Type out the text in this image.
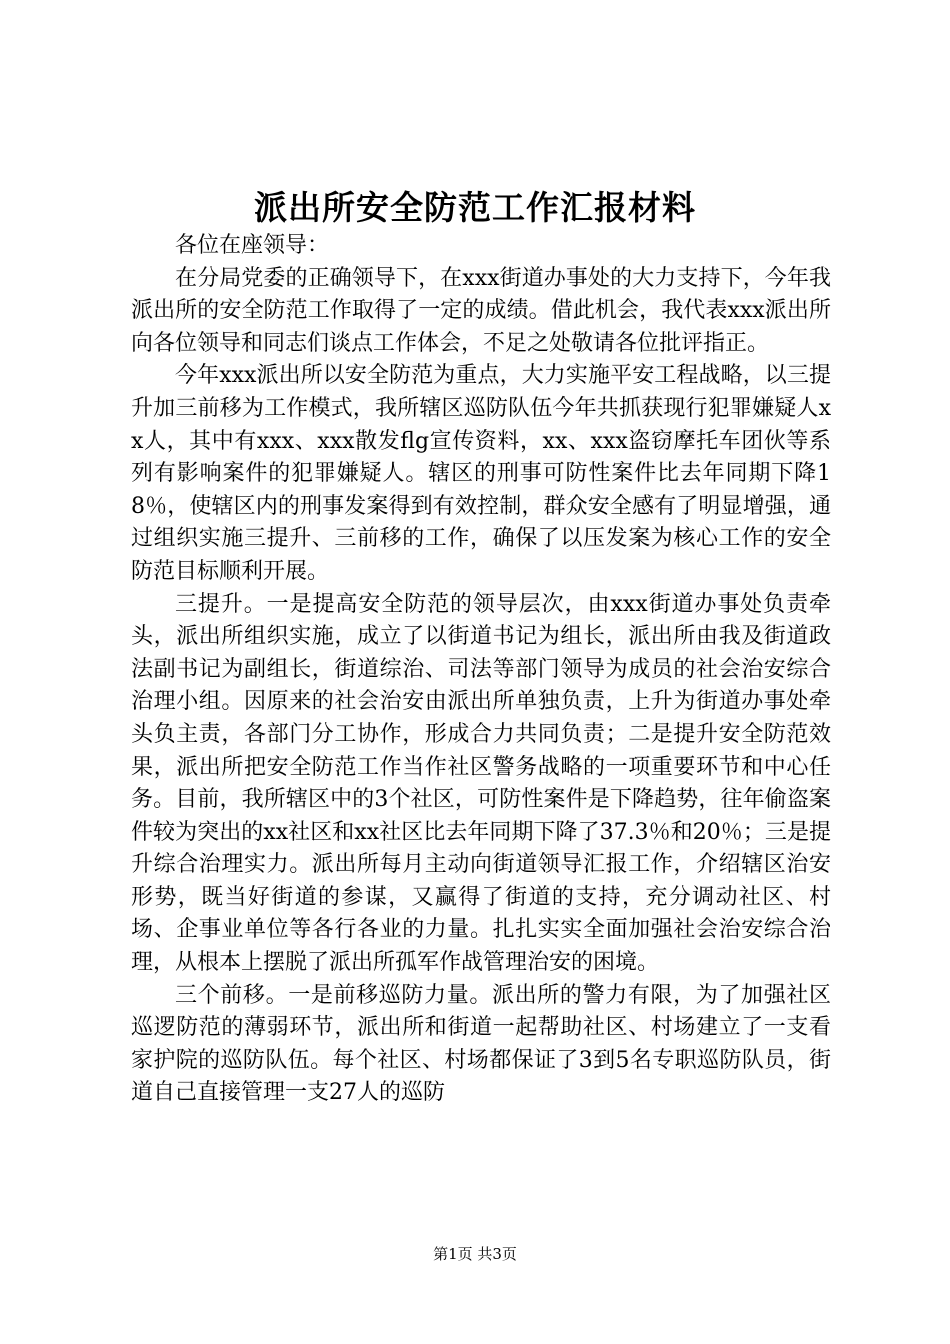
派出所安全防范工作汇报材料

各位在座领导：

在分局党委的正确领导下，在xxx街道办事处的大力支持下，今年我派出所的安全防范工作取得了一定的成绩。借此机会，我代表xxx派出所向各位领导和同志们谈点工作体会，不足之处敬请各位批评指正。

今年xxx派出所以安全防范为重点，大力实施平安工程战略，以三提升加三前移为工作模式，我所辖区巡防队伍今年共抓获现行犯罪嫌疑人xx人，其中有xxx、xxx散发flg宣传资料，xx、xxx盗窃摩托车团伙等系列有影响案件的犯罪嫌疑人。辖区的刑事可防性案件比去年同期下降18％，使辖区内的刑事发案得到有效控制，群众安全感有了明显增强，通过组织实施三提升、三前移的工作，确保了以压发案为核心工作的安全防范目标顺利开展。

三提升。一是提高安全防范的领导层次，由xxx街道办事处负责牵头，派出所组织实施，成立了以街道书记为组长，派出所由我及街道政法副书记为副组长，街道综治、司法等部门领导为成员的社会治安综合治理小组。因原来的社会治安由派出所单独负责，上升为街道办事处牵头负主责，各部门分工协作，形成合力共同负责；二是提升安全防范效果，派出所把安全防范工作当作社区警务战略的一项重要环节和中心任务。目前，我所辖区中的3个社区，可防性案件是下降趋势，往年偷盗案件较为突出的xx社区和xx社区比去年同期下降了37.3％和20％；三是提升综合治理实力。派出所每月主动向街道领导汇报工作，介绍辖区治安形势，既当好街道的参谋，又赢得了街道的支持，充分调动社区、村场、企事业单位等各行各业的力量。扎扎实实全面加强社会治安综合治理，从根本上摆脱了派出所孤军作战管理治安的困境。

三个前移。一是前移巡防力量。派出所的警力有限，为了加强社区巡逻防范的薄弱环节，派出所和街道一起帮助社区、村场建立了一支看家护院的巡防队伍。每个社区、村场都保证了3到5名专职巡防队员，街道自己直接管理一支27人的巡防

第1页 共3页
